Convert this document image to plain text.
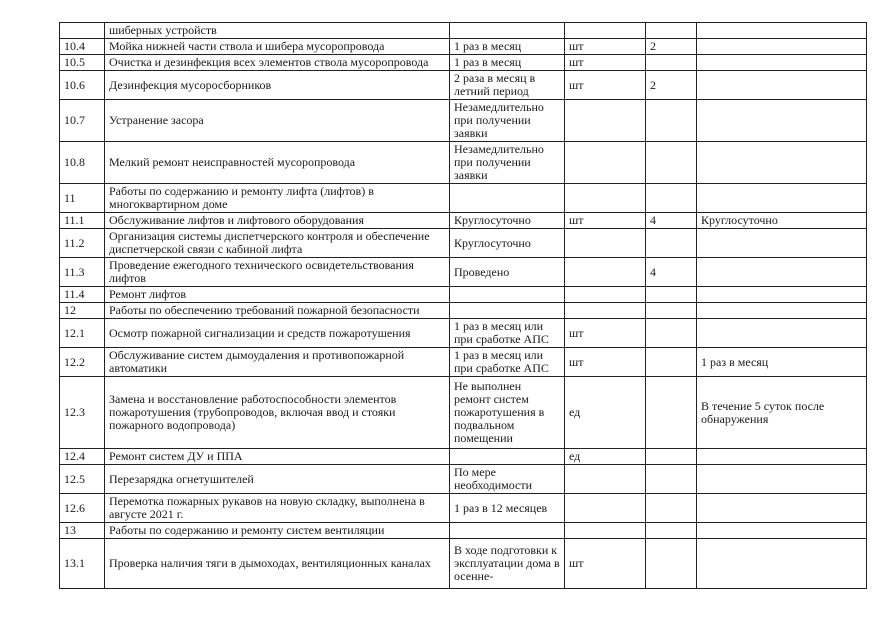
	шиберных устройств				
10.4	Мойка нижней части ствола и шибера мусоропровода	1 раз в месяц	шт	2	
10.5	Очистка и дезинфекция всех элементов ствола мусоропровода	1 раз в месяц	шт		
10.6	Дезинфекция мусоросборников	2 раза в месяц в летний период	шт	2	
10.7	Устранение засора	Незамедлительно при получении заявки			
10.8	Мелкий ремонт неисправностей мусоропровода	Незамедлительно при получении заявки			
11	Работы по содержанию и ремонту лифта (лифтов) в многоквартирном доме				
11.1	Обслуживание лифтов и лифтового оборудования	Круглосуточно	шт	4	Круглосуточно
11.2	Организация системы диспетчерского контроля и обеспечение диспетчерской связи с кабиной лифта	Круглосуточно			
11.3	Проведение ежегодного технического освидетельствования лифтов	Проведено		4	
11.4	Ремонт лифтов				
12	Работы по обеспечению требований пожарной безопасности				
12.1	Осмотр пожарной сигнализации и средств пожаротушения	1 раз в месяц или при сработке АПС	шт		
12.2	Обслуживание систем дымоудаления и противопожарной автоматики	1 раз в месяц или при сработке АПС	шт		1 раз в месяц
12.3	Замена и восстановление работоспособности элементов пожаротушения (трубопроводов, включая ввод и стояки пожарного водопровода)	Не выполнен ремонт систем пожаротушения в подвальном помещении	ед		В течение 5 суток после обнаружения
12.4	Ремонт систем ДУ и ППА		ед		
12.5	Перезарядка огнетушителей	По мере необходимости			
12.6	Перемотка пожарных рукавов на новую складку, выполнена в августе 2021 г.	1 раз в 12 месяцев			
13	Работы по содержанию и ремонту систем вентиляции				
13.1	Проверка наличия тяги в дымоходах, вентиляционных каналах	В ходе подготовки к эксплуатации дома в осенне-	шт		
